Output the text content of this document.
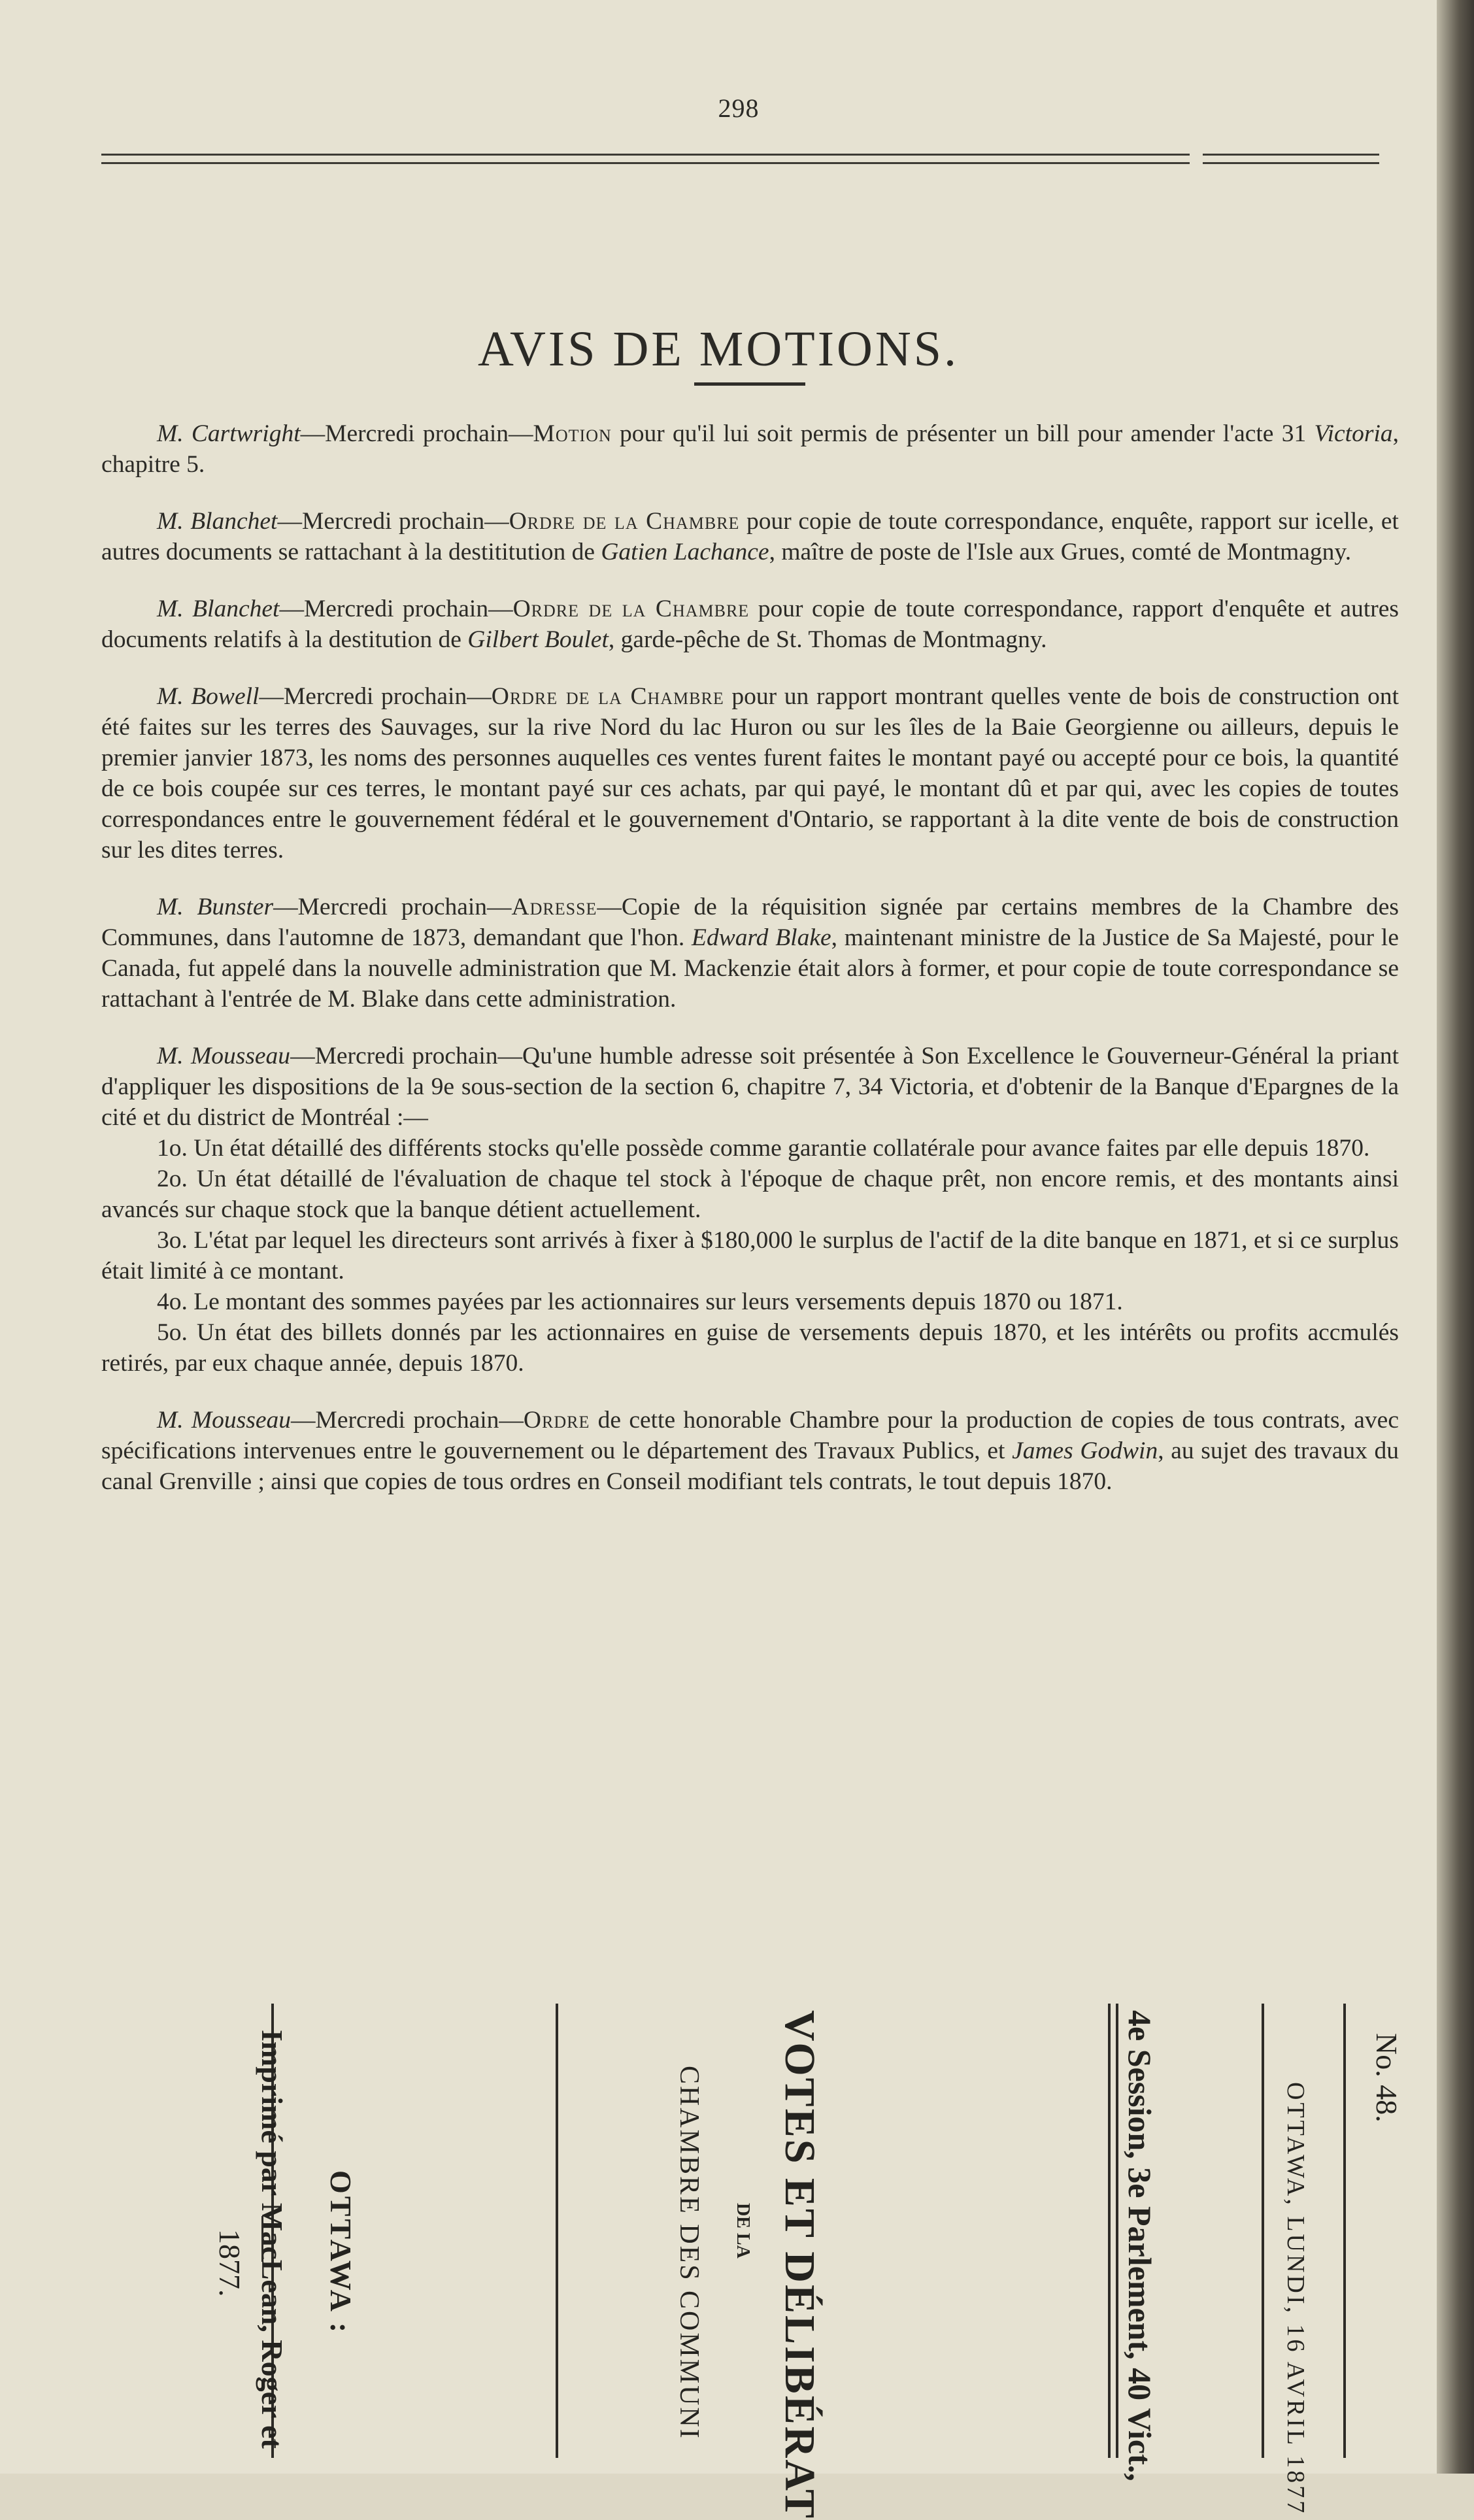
298
AVIS DE MOTIONS.

M. Cartwright—Mercredi prochain—Motion pour qu'il lui soit permis de présenter un bill pour amender l'acte 31 Victoria, chapitre 5.

M. Blanchet—Mercredi prochain—Ordre de la Chambre pour copie de toute correspondance, enquête, rapport sur icelle, et autres documents se rattachant à la destititution de Gatien Lachance, maître de poste de l'Isle aux Grues, comté de Montmagny.

M. Blanchet—Mercredi prochain—Ordre de la Chambre pour copie de toute correspondance, rapport d'enquête et autres documents relatifs à la destitution de Gilbert Boulet, garde-pêche de St. Thomas de Montmagny.

M. Bowell—Mercredi prochain—Ordre de la Chambre pour un rapport montrant quelles vente de bois de construction ont été faites sur les terres des Sauvages, sur la rive Nord du lac Huron ou sur les îles de la Baie Georgienne ou ailleurs, depuis le premier janvier 1873, les noms des personnes auquelles ces ventes furent faites le montant payé ou accepté pour ce bois, la quantité de ce bois coupée sur ces terres, le montant payé sur ces achats, par qui payé, le montant dû et par qui, avec les copies de toutes correspondances entre le gouvernement fédéral et le gouvernement d'Ontario, se rapportant à la dite vente de bois de construction sur les dites terres.

M. Bunster—Mercredi prochain—Adresse—Copie de la réquisition signée par certains membres de la Chambre des Communes, dans l'automne de 1873, demandant que l'hon. Edward Blake, maintenant ministre de la Justice de Sa Majesté, pour le Canada, fut appelé dans la nouvelle administration que M. Mackenzie était alors à former, et pour copie de toute correspondance se rattachant à l'entrée de M. Blake dans cette administration.

M. Mousseau—Mercredi prochain—Qu'une humble adresse soit présentée à Son Excellence le Gouverneur-Général la priant d'appliquer les dispositions de la 9e sous-section de la section 6, chapitre 7, 34 Victoria, et d'obtenir de la Banque d'Epargnes de la cité et du district de Montréal :—

1o. Un état détaillé des différents stocks qu'elle possède comme garantie collatérale pour avance faites par elle depuis 1870.

2o. Un état détaillé de l'évaluation de chaque tel stock à l'époque de chaque prêt, non encore remis, et des montants ainsi avancés sur chaque stock que la banque détient actuellement.

3o. L'état par lequel les directeurs sont arrivés à fixer à $180,000 le surplus de l'actif de la dite banque en 1871, et si ce surplus était limité à ce montant.

4o. Le montant des sommes payées par les actionnaires sur leurs versements depuis 1870 ou 1871.

5o. Un état des billets donnés par les actionnaires en guise de versements depuis 1870, et les intérêts ou profits accmulés retirés, par eux chaque année, depuis 1870.

M. Mousseau—Mercredi prochain—Ordre de cette honorable Chambre pour la production de copies de tous contrats, avec spécifications intervenues entre le gouvernement ou le département des Travaux Publics, et James Godwin, au sujet des travaux du canal Grenville ; ainsi que copies de tous ordres en Conseil modifiant tels contrats, le tout depuis 1870.

No. 48.
OTTAWA, LUNDI, 16 AVRIL 1877
4e Session, 3e Parlement, 40 Vict.,
VOTES ET DÉLIBÉRAT
DE LA
CHAMBRE DES COMMUNI
OTTAWA :
Imprimé par MacLean, Roger et
1877.
